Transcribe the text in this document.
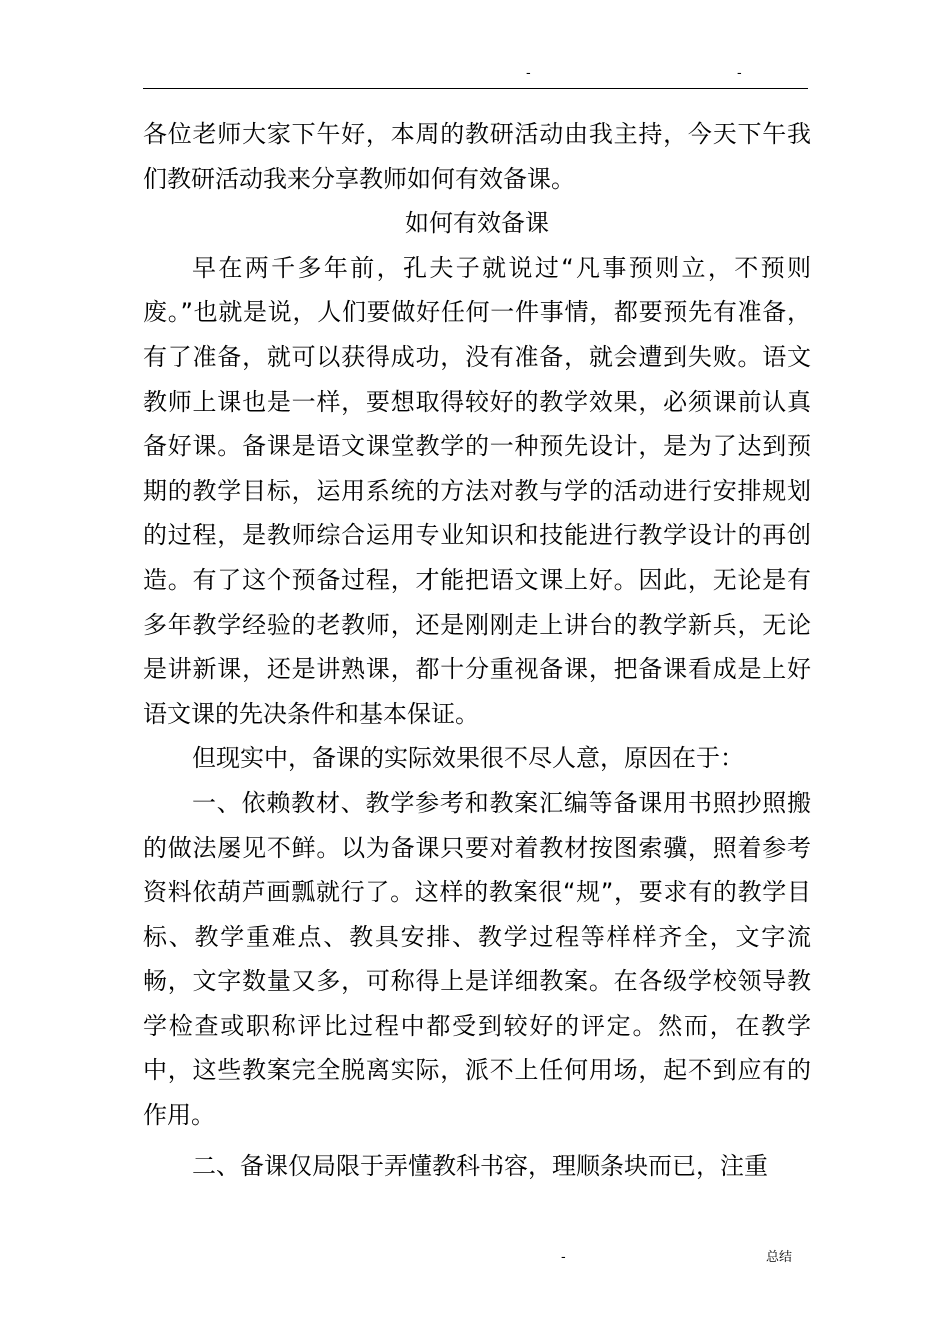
-	-

各位老师大家下午好，本周的教研活动由我主持，今天下午我们教研活动我来分享教师如何有效备课。

如何有效备课

早在两千多年前，孔夫子就说过“凡事预则立，不预则废。”也就是说，人们要做好任何一件事情，都要预先有准备，有了准备，就可以获得成功，没有准备，就会遭到失败。语文教师上课也是一样，要想取得较好的教学效果，必须课前认真备好课。备课是语文课堂教学的一种预先设计，是为了达到预期的教学目标，运用系统的方法对教与学的活动进行安排规划的过程，是教师综合运用专业知识和技能进行教学设计的再创造。有了这个预备过程，才能把语文课上好。因此，无论是有多年教学经验的老教师，还是刚刚走上讲台的教学新兵，无论是讲新课，还是讲熟课，都十分重视备课，把备课看成是上好语文课的先决条件和基本保证。

但现实中，备课的实际效果很不尽人意，原因在于：

一、依赖教材、教学参考和教案汇编等备课用书照抄照搬的做法屡见不鲜。以为备课只要对着教材按图索骥，照着参考资料依葫芦画瓢就行了。这样的教案很“规”，要求有的教学目标、教学重难点、教具安排、教学过程等样样齐全，文字流畅，文字数量又多，可称得上是详细教案。在各级学校领导教学检查或职称评比过程中都受到较好的评定。然而，在教学中，这些教案完全脱离实际，派不上任何用场，起不到应有的作用。

二、备课仅局限于弄懂教科书容，理顺条块而已，注重

-	总结
